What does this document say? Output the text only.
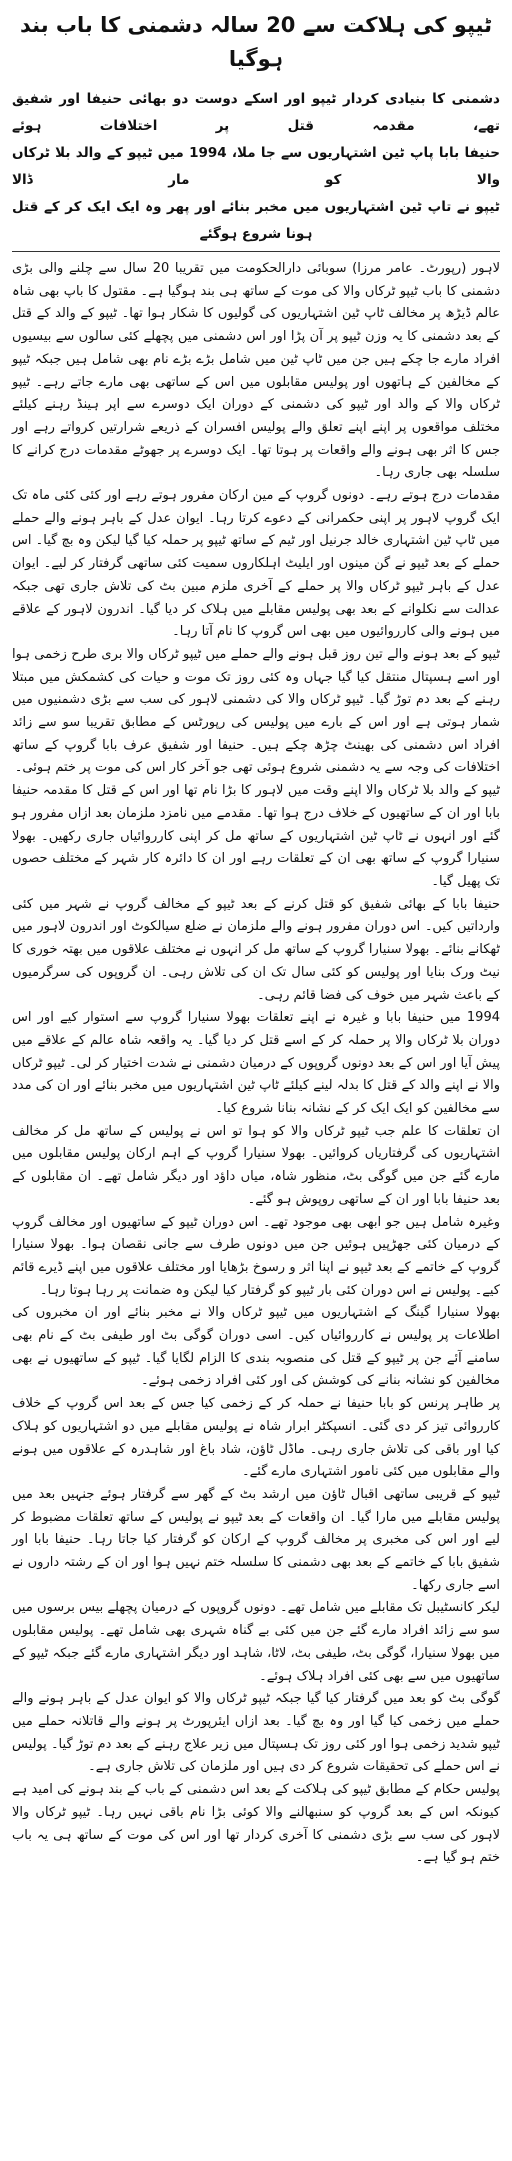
ٹیپو کی ہلاکت سے 20 سالہ دشمنی کا باب بند ہوگیا

دشمنی کا بنیادی کردار ٹیپو اور اسکے دوست دو بھائی حنیفا اور شفیق تھے، مقدمہ قتل پر اختلافات ہوئے

حنیفا بابا پاپ ٹین اشتہاریوں سے جا ملا، 1994 میں ٹیپو کے والد بلا ٹرکاں والا کو مار ڈالا

ٹیپو نے تاپ ٹین اشتہاریوں میں مخبر بنائے اور پھر وہ ایک ایک کر کے قتل ہونا شروع ہوگئے

لاہور (رپورٹ۔ عامر مرزا) سوبائی دارالحکومت میں تقریبا 20 سال سے چلنے والی بڑی دشمنی کا باب ٹیپو ٹرکاں والا کی موت کے ساتھ ہی بند ہوگیا ہے۔ مقتول کا باپ بھی شاہ عالم ڈیڑھ پر مخالف ٹاپ ٹین اشتہاریوں کی گولیوں کا شکار ہوا تھا۔ ٹیپو کے والد کے قتل کے بعد دشمنی کا یہ وزن ٹیپو پر آن پڑا اور اس دشمنی میں پچھلے کئی سالوں سے بیسیوں افراد مارے جا چکے ہیں جن میں ٹاپ ٹین میں شامل بڑے بڑے نام بھی شامل ہیں جبکہ ٹیپو کے مخالفین کے ہاتھوں اور پولیس مقابلوں میں اس کے ساتھی بھی مارے جاتے رہے۔ ٹیپو ٹرکاں والا کے والد اور ٹیپو کی دشمنی کے دوران ایک دوسرے سے اپر ہینڈ رہنے کیلئے مختلف مواقعوں پر اپنے اپنے تعلق والے پولیس افسران کے ذریعے شرارتیں کرواتے رہے اور جس کا اثر بھی ہونے والے واقعات پر ہوتا تھا۔ ایک دوسرے پر جھوٹے مقدمات درج کرانے کا سلسلہ بھی جاری رہا۔

مقدمات درج ہوتے رہے۔ دونوں گروپ کے مین ارکان مفرور ہوتے رہے اور کئی کئی ماہ تک ایک گروپ لاہور پر اپنی حکمرانی کے دعوے کرتا رہا۔ ایوان عدل کے باہر ہونے والے حملے میں ٹاپ ٹین اشتہاری خالد جرنیل اور ٹیم کے ساتھ ٹیپو پر حملہ کیا گیا لیکن وہ بچ گیا۔ اس حملے کے بعد ٹیپو نے گن مینوں اور ایلیٹ اہلکاروں سمیت کئی ساتھی گرفتار کر لیے۔ ایوان عدل کے باہر ٹیپو ٹرکاں والا پر حملے کے آخری ملزم مبین بٹ کی تلاش جاری تھی جبکہ عدالت سے نکلوانے کے بعد بھی پولیس مقابلے میں ہلاک کر دیا گیا۔ اندرون لاہور کے علاقے میں ہونے والی کارروائیوں میں بھی اس گروپ کا نام آتا رہا۔

ٹیپو کے بعد ہونے والے تین روز قبل ہونے والے حملے میں ٹیپو ٹرکاں والا بری طرح زخمی ہوا اور اسے ہسپتال منتقل کیا گیا جہاں وہ کئی روز تک موت و حیات کی کشمکش میں مبتلا رہنے کے بعد دم توڑ گیا۔ ٹیپو ٹرکاں والا کی دشمنی لاہور کی سب سے بڑی دشمنیوں میں شمار ہوتی ہے اور اس کے بارے میں پولیس کی رپورٹس کے مطابق تقریبا سو سے زائد افراد اس دشمنی کی بھینٹ چڑھ چکے ہیں۔ حنیفا اور شفیق عرف بابا گروپ کے ساتھ اختلافات کی وجہ سے یہ دشمنی شروع ہوئی تھی جو آخر کار اس کی موت پر ختم ہوئی۔

ٹیپو کے والد بلا ٹرکاں والا اپنے وقت میں لاہور کا بڑا نام تھا اور اس کے قتل کا مقدمہ حنیفا بابا اور ان کے ساتھیوں کے خلاف درج ہوا تھا۔ مقدمے میں نامزد ملزمان بعد ازاں مفرور ہو گئے اور انہوں نے ٹاپ ٹین اشتہاریوں کے ساتھ مل کر اپنی کارروائیاں جاری رکھیں۔ بھولا سنیارا گروپ کے ساتھ بھی ان کے تعلقات رہے اور ان کا دائرہ کار شہر کے مختلف حصوں تک پھیل گیا۔

حنیفا بابا کے بھائی شفیق کو قتل کرنے کے بعد ٹیپو کے مخالف گروپ نے شہر میں کئی وارداتیں کیں۔ اس دوران مفرور ہونے والے ملزمان نے ضلع سیالکوٹ اور اندرون لاہور میں ٹھکانے بنائے۔ بھولا سنیارا گروپ کے ساتھ مل کر انہوں نے مختلف علاقوں میں بھتہ خوری کا نیٹ ورک بنایا اور پولیس کو کئی سال تک ان کی تلاش رہی۔ ان گروپوں کی سرگرمیوں کے باعث شہر میں خوف کی فضا قائم رہی۔

1994 میں حنیفا بابا و غیرہ نے اپنے تعلقات بھولا سنیارا گروپ سے استوار کیے اور اس دوران بلا ٹرکاں والا پر حملہ کر کے اسے قتل کر دیا گیا۔ یہ واقعہ شاہ عالم کے علاقے میں پیش آیا اور اس کے بعد دونوں گروپوں کے درمیان دشمنی نے شدت اختیار کر لی۔ ٹیپو ٹرکاں والا نے اپنے والد کے قتل کا بدلہ لینے کیلئے ٹاپ ٹین اشتہاریوں میں مخبر بنائے اور ان کی مدد سے مخالفین کو ایک ایک کر کے نشانہ بنانا شروع کیا۔

ان تعلقات کا علم جب ٹیپو ٹرکاں والا کو ہوا تو اس نے پولیس کے ساتھ مل کر مخالف اشتہاریوں کی گرفتاریاں کروائیں۔ بھولا سنیارا گروپ کے اہم ارکان پولیس مقابلوں میں مارے گئے جن میں گوگی بٹ، منظور شاہ، میاں داؤد اور دیگر شامل تھے۔ ان مقابلوں کے بعد حنیفا بابا اور ان کے ساتھی روپوش ہو گئے۔

وغیرہ شامل ہیں جو ابھی بھی موجود تھے۔ اس دوران ٹیپو کے ساتھیوں اور مخالف گروپ کے درمیان کئی جھڑپیں ہوئیں جن میں دونوں طرف سے جانی نقصان ہوا۔ بھولا سنیارا گروپ کے خاتمے کے بعد ٹیپو نے اپنا اثر و رسوخ بڑھایا اور مختلف علاقوں میں اپنے ڈیرے قائم کیے۔ پولیس نے اس دوران کئی بار ٹیپو کو گرفتار کیا لیکن وہ ضمانت پر رہا ہوتا رہا۔

بھولا سنیارا گینگ کے اشتہاریوں میں ٹیپو ٹرکاں والا نے مخبر بنائے اور ان مخبروں کی اطلاعات پر پولیس نے کارروائیاں کیں۔ اسی دوران گوگی بٹ اور طیفی بٹ کے نام بھی سامنے آئے جن پر ٹیپو کے قتل کی منصوبہ بندی کا الزام لگایا گیا۔ ٹیپو کے ساتھیوں نے بھی مخالفین کو نشانہ بنانے کی کوشش کی اور کئی افراد زخمی ہوئے۔

پر طاہر پرنس کو بابا حنیفا نے حملہ کر کے زخمی کیا جس کے بعد اس گروپ کے خلاف کارروائی تیز کر دی گئی۔ انسپکٹر ابرار شاہ نے پولیس مقابلے میں دو اشتہاریوں کو ہلاک کیا اور باقی کی تلاش جاری رہی۔ ماڈل ٹاؤن، شاد باغ اور شاہدرہ کے علاقوں میں ہونے والے مقابلوں میں کئی نامور اشتہاری مارے گئے۔

ٹیپو کے قریبی ساتھی اقبال ٹاؤن میں ارشد بٹ کے گھر سے گرفتار ہوئے جنہیں بعد میں پولیس مقابلے میں مارا گیا۔ ان واقعات کے بعد ٹیپو نے پولیس کے ساتھ تعلقات مضبوط کر لیے اور اس کی مخبری پر مخالف گروپ کے ارکان کو گرفتار کیا جاتا رہا۔ حنیفا بابا اور شفیق بابا کے خاتمے کے بعد بھی دشمنی کا سلسلہ ختم نہیں ہوا اور ان کے رشتہ داروں نے اسے جاری رکھا۔

لیکر کانسٹیبل تک مقابلے میں شامل تھے۔ دونوں گروپوں کے درمیان پچھلے بیس برسوں میں سو سے زائد افراد مارے گئے جن میں کئی بے گناہ شہری بھی شامل تھے۔ پولیس مقابلوں میں بھولا سنیارا، گوگی بٹ، طیفی بٹ، لاٹا، شاہد اور دیگر اشتہاری مارے گئے جبکہ ٹیپو کے ساتھیوں میں سے بھی کئی افراد ہلاک ہوئے۔

گوگی بٹ کو بعد میں گرفتار کیا گیا جبکہ ٹیپو ٹرکاں والا کو ایوان عدل کے باہر ہونے والے حملے میں زخمی کیا گیا اور وہ بچ گیا۔ بعد ازاں ایئرپورٹ پر ہونے والے قاتلانہ حملے میں ٹیپو شدید زخمی ہوا اور کئی روز تک ہسپتال میں زیر علاج رہنے کے بعد دم توڑ گیا۔ پولیس نے اس حملے کی تحقیقات شروع کر دی ہیں اور ملزمان کی تلاش جاری ہے۔

پولیس حکام کے مطابق ٹیپو کی ہلاکت کے بعد اس دشمنی کے باب کے بند ہونے کی امید ہے کیونکہ اس کے بعد گروپ کو سنبھالنے والا کوئی بڑا نام باقی نہیں رہا۔ ٹیپو ٹرکاں والا لاہور کی سب سے بڑی دشمنی کا آخری کردار تھا اور اس کی موت کے ساتھ ہی یہ باب ختم ہو گیا ہے۔
